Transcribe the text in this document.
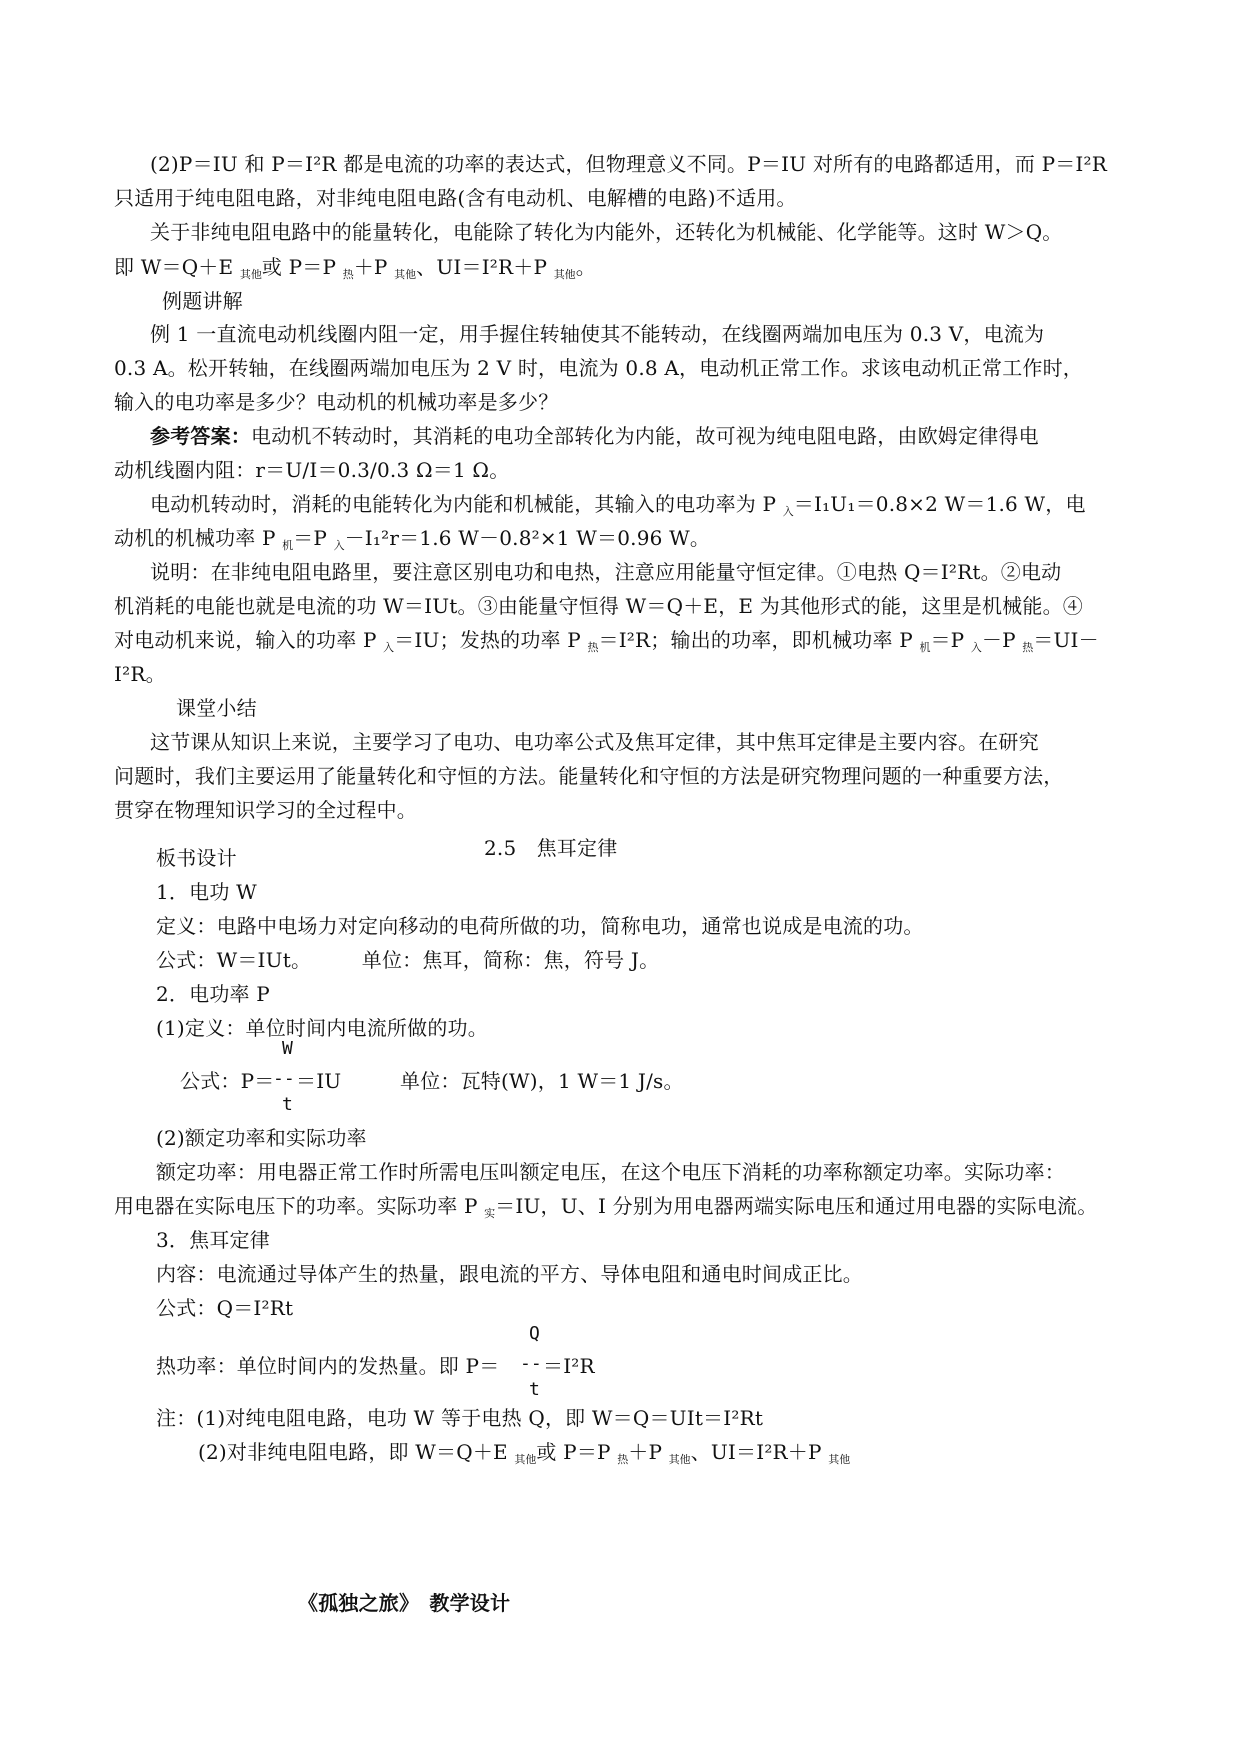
(2)P＝IU 和 P＝I²R 都是电流的功率的表达式，但物理意义不同。P＝IU 对所有的电路都适用，而 P＝I²R
只适用于纯电阻电路，对非纯电阻电路(含有电动机、电解槽的电路)不适用。
关于非纯电阻电路中的能量转化，电能除了转化为内能外，还转化为机械能、化学能等。这时 W＞Q。
即 W＝Q＋E $_{其他}$或 P＝P $_热$＋P $_{其他}$、UI＝I²R＋P $_{其他}$。
例题讲解
例 1 一直流电动机线圈内阻一定，用手握住转轴使其不能转动，在线圈两端加电压为 0.3 V，电流为
0.3 A。松开转轴，在线圈两端加电压为 2 V 时，电流为 0.8 A，电动机正常工作。求该电动机正常工作时，
输入的电功率是多少？电动机的机械功率是多少？
参考答案：电动机不转动时，其消耗的电功全部转化为内能，故可视为纯电阻电路，由欧姆定律得电
动机线圈内阻：r＝U/I＝0.3/0.3 Ω＝1 Ω。
电动机转动时，消耗的电能转化为内能和机械能，其输入的电功率为 P $_入$＝I₁U₁＝0.8×2 W＝1.6 W，电
动机的机械功率 P $_机$＝P $_入$－I₁²r＝1.6 W－0.8²×1 W＝0.96 W。
说明：在非纯电阻电路里，要注意区别电功和电热，注意应用能量守恒定律。①电热 Q＝I²Rt。②电动
机消耗的电能也就是电流的功 W＝IUt。③由能量守恒得 W＝Q＋E，E 为其他形式的能，这里是机械能。④
对电动机来说，输入的功率 P $_入$＝IU；发热的功率 P $_热$＝I²R；输出的功率，即机械功率 P $_机$＝P $_入$－P $_热$＝UI－
I²R。
课堂小结
这节课从知识上来说，主要学习了电功、电功率公式及焦耳定律，其中焦耳定律是主要内容。在研究
问题时，我们主要运用了能量转化和守恒的方法。能量转化和守恒的方法是研究物理问题的一种重要方法，
贯穿在物理知识学习的全过程中。
板书设计	2.5　焦耳定律
1．电功 W
定义：电路中电场力对定向移动的电荷所做的功，简称电功，通常也说成是电流的功。
公式：W＝IUt。　　　单位：焦耳，简称：焦，符号 J。
2．电功率 P
(1)定义：单位时间内电流所做的功。
公式：P＝
W
--
t
＝IU	单位：瓦特(W)，1 W＝1 J/s。
(2)额定功率和实际功率
额定功率：用电器正常工作时所需电压叫额定电压，在这个电压下消耗的功率称额定功率。实际功率：
用电器在实际电压下的功率。实际功率 P $_实$＝IU，U、I 分别为用电器两端实际电压和通过用电器的实际电流。
3．焦耳定律
内容：电流通过导体产生的热量，跟电流的平方、导体电阻和通电时间成正比。
公式：Q＝I²Rt
热功率：单位时间内的发热量。即 P＝
Q
--
t
＝I²R
注：(1)对纯电阻电路，电功 W 等于电热 Q，即 W＝Q＝UIt＝I²Rt
(2)对非纯电阻电路，即 W＝Q＋E $_{其他}$或 P＝P $_热$＋P $_{其他}$、UI＝I²R＋P $_{其他}$
《孤独之旅》　教学设计
